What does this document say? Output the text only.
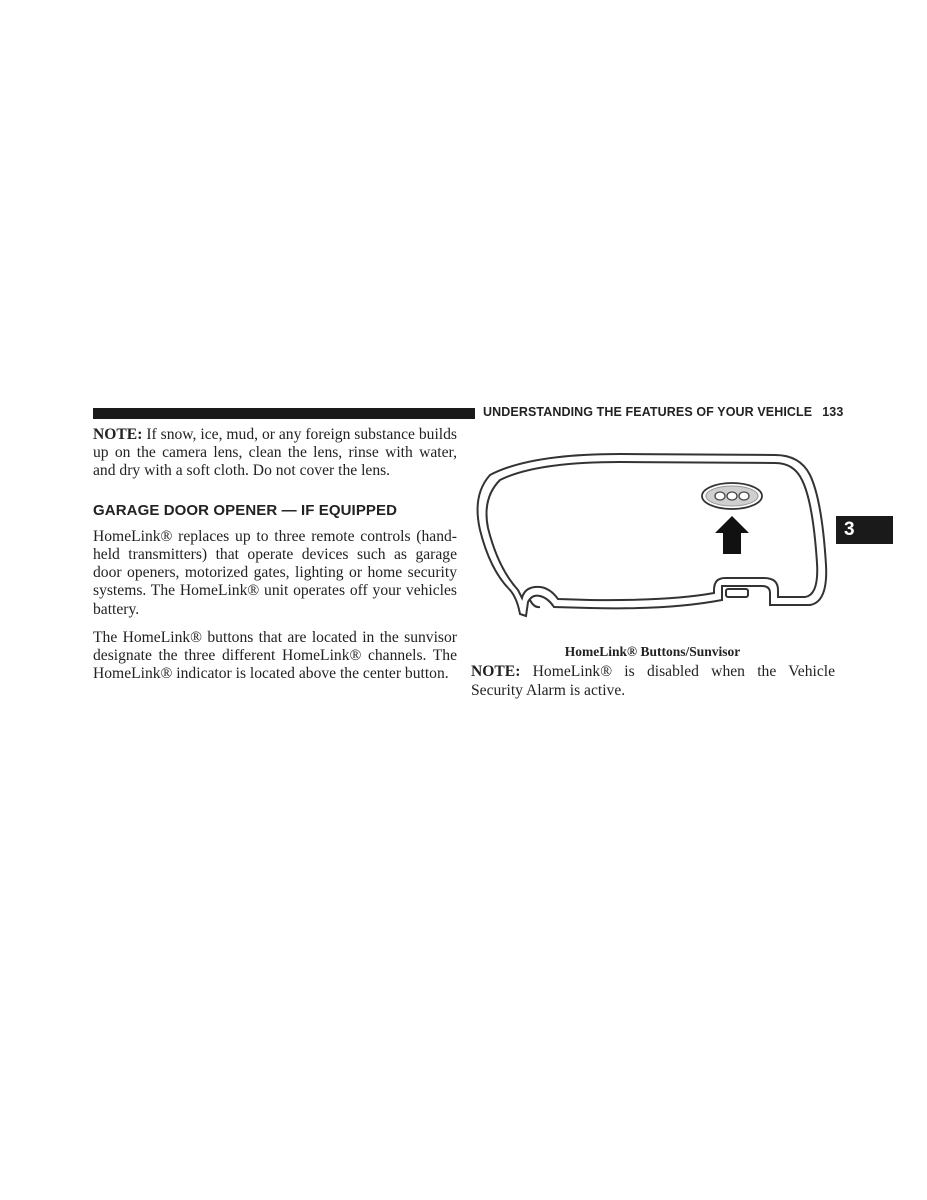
UNDERSTANDING THE FEATURES OF YOUR VEHICLE 133
3

NOTE: If snow, ice, mud, or any foreign substance builds up on the camera lens, clean the lens, rinse with water, and dry with a soft cloth. Do not cover the lens.

GARAGE DOOR OPENER — IF EQUIPPED

HomeLink® replaces up to three remote controls (hand-held transmitters) that operate devices such as garage door openers, motorized gates, lighting or home security systems. The HomeLink® unit operates off your vehicles battery.

The HomeLink® buttons that are located in the sunvisor designate the three different HomeLink® channels. The HomeLink® indicator is located above the center button.

HomeLink® Buttons/Sunvisor

NOTE: HomeLink® is disabled when the Vehicle Security Alarm is active.
